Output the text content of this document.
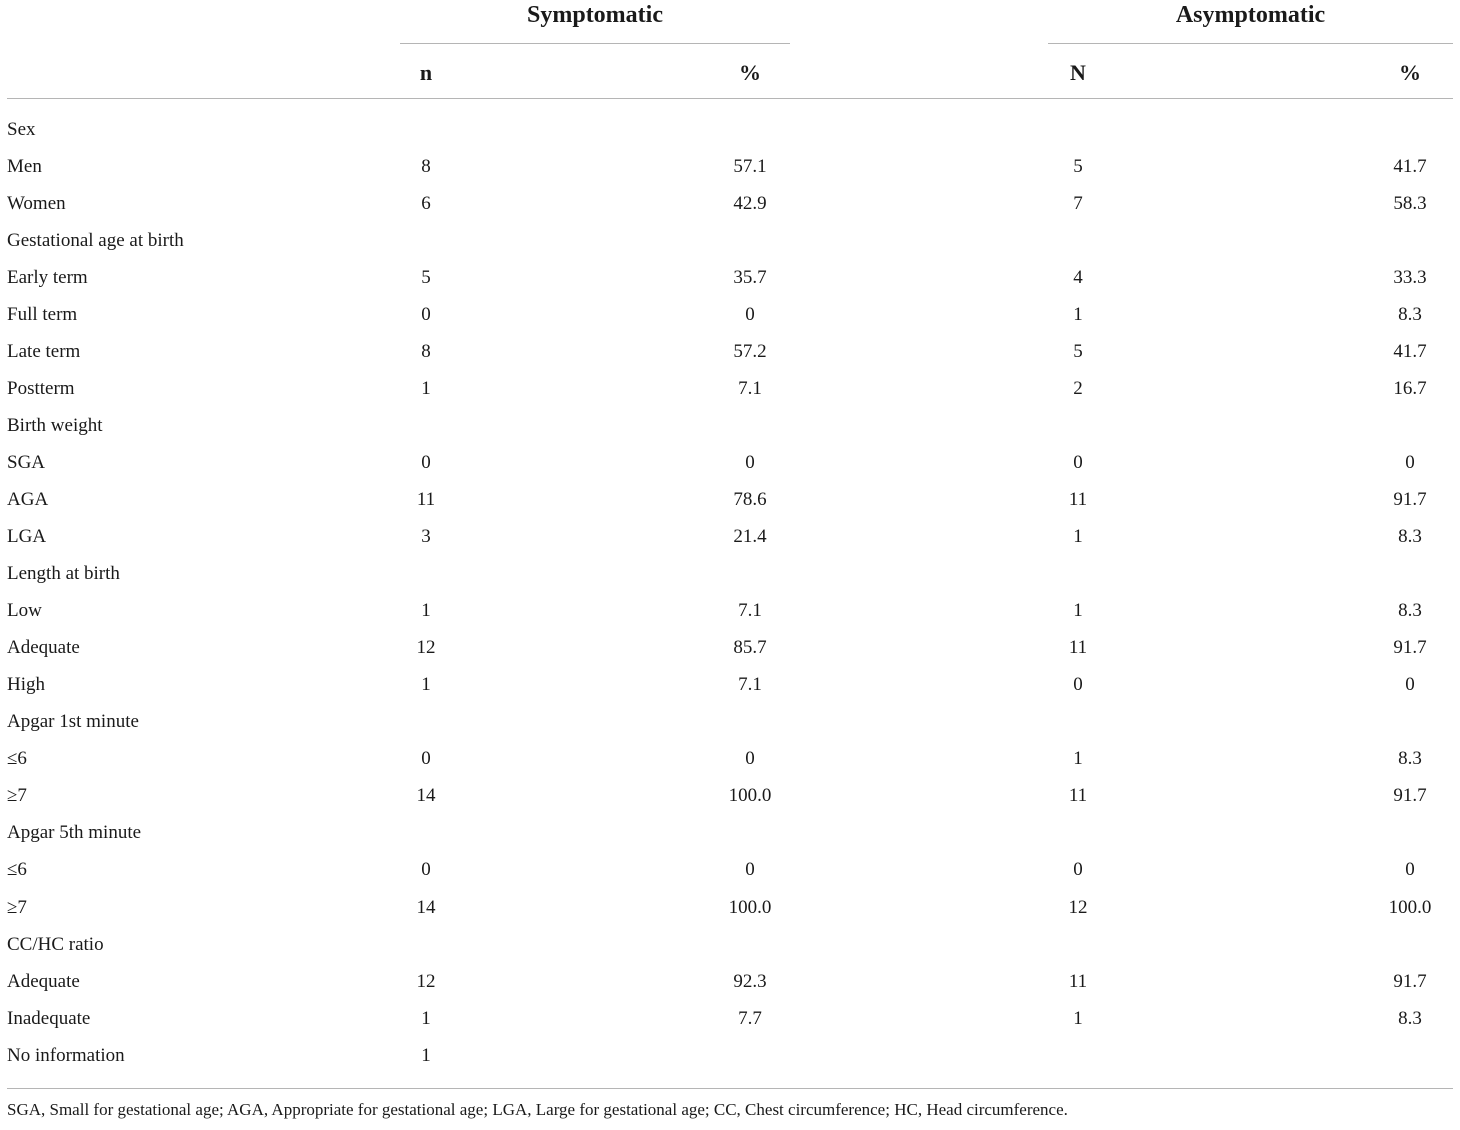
Symptomatic	Asymptomatic
n	%	N	%
Sex							
Men	8		57.1		5		41.7
Women	6		42.9		7		58.3
Gestational age at birth							
Early term	5		35.7		4		33.3
Full term	0		0		1		8.3
Late term	8		57.2		5		41.7
Postterm	1		7.1		2		16.7
Birth weight							
SGA	0		0		0		0
AGA	11		78.6		11		91.7
LGA	3		21.4		1		8.3
Length at birth							
Low	1		7.1		1		8.3
Adequate	12		85.7		11		91.7
High	1		7.1		0		0
Apgar 1st minute							
≤6	0		0		1		8.3
≥7	14		100.0		11		91.7
Apgar 5th minute							
≤6	0		0		0		0
≥7	14		100.0		12		100.0
CC/HC ratio							
Adequate	12		92.3		11		91.7
Inadequate	1		7.7		1		8.3
No information	1						
SGA, Small for gestational age; AGA, Appropriate for gestational age; LGA, Large for gestational age; CC, Chest circumference; HC, Head circumference.
